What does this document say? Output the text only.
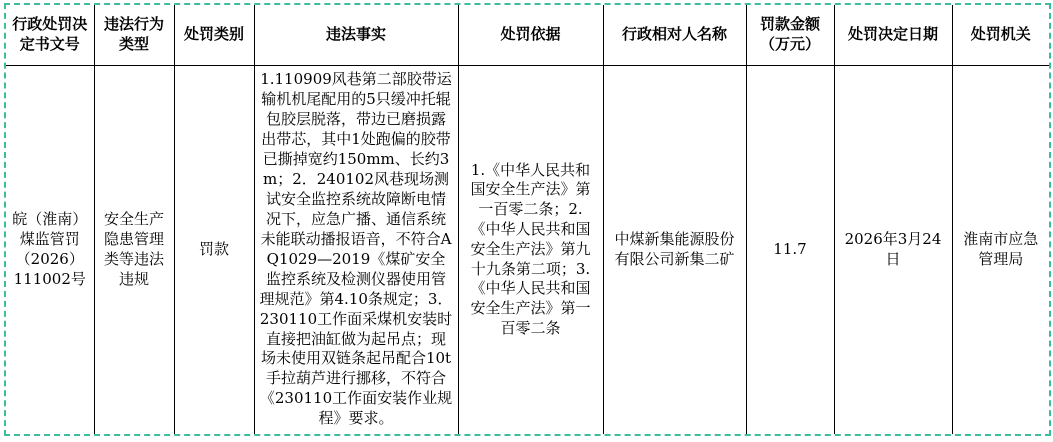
行政处罚决定书文号	违法行为类型	处罚类别	违法事实	处罚依据	行政相对人名称	罚款金额（万元）	处罚决定日期	处罚机关
皖（淮南）煤监管罚（2026）111002号	安全生产隐患管理类等违法违规	罚款	1.110909风巷第二部胶带运输机机尾配用的5只缓冲托辊包胶层脱落，带边已磨损露出带芯，其中1处跑偏的胶带已撕掉宽约150mm、长约3m；2．240102风巷现场测试安全监控系统故障断电情况下，应急广播、通信系统未能联动播报语音，不符合AQ1029—2019《煤矿安全监控系统及检测仪器使用管理规范》第4.10条规定；3．230110工作面采煤机安装时直接把油缸做为起吊点；现场未使用双链条起吊配合10t手拉葫芦进行挪移，不符合《230110工作面安装作业规程》要求。	1.《中华人民共和国安全生产法》第一百零二条；2.《中华人民共和国安全生产法》第九十九条第二项；3.《中华人民共和国安全生产法》第一百零二条	中煤新集能源股份有限公司新集二矿	11.7	2026年3月24日	淮南市应急管理局
